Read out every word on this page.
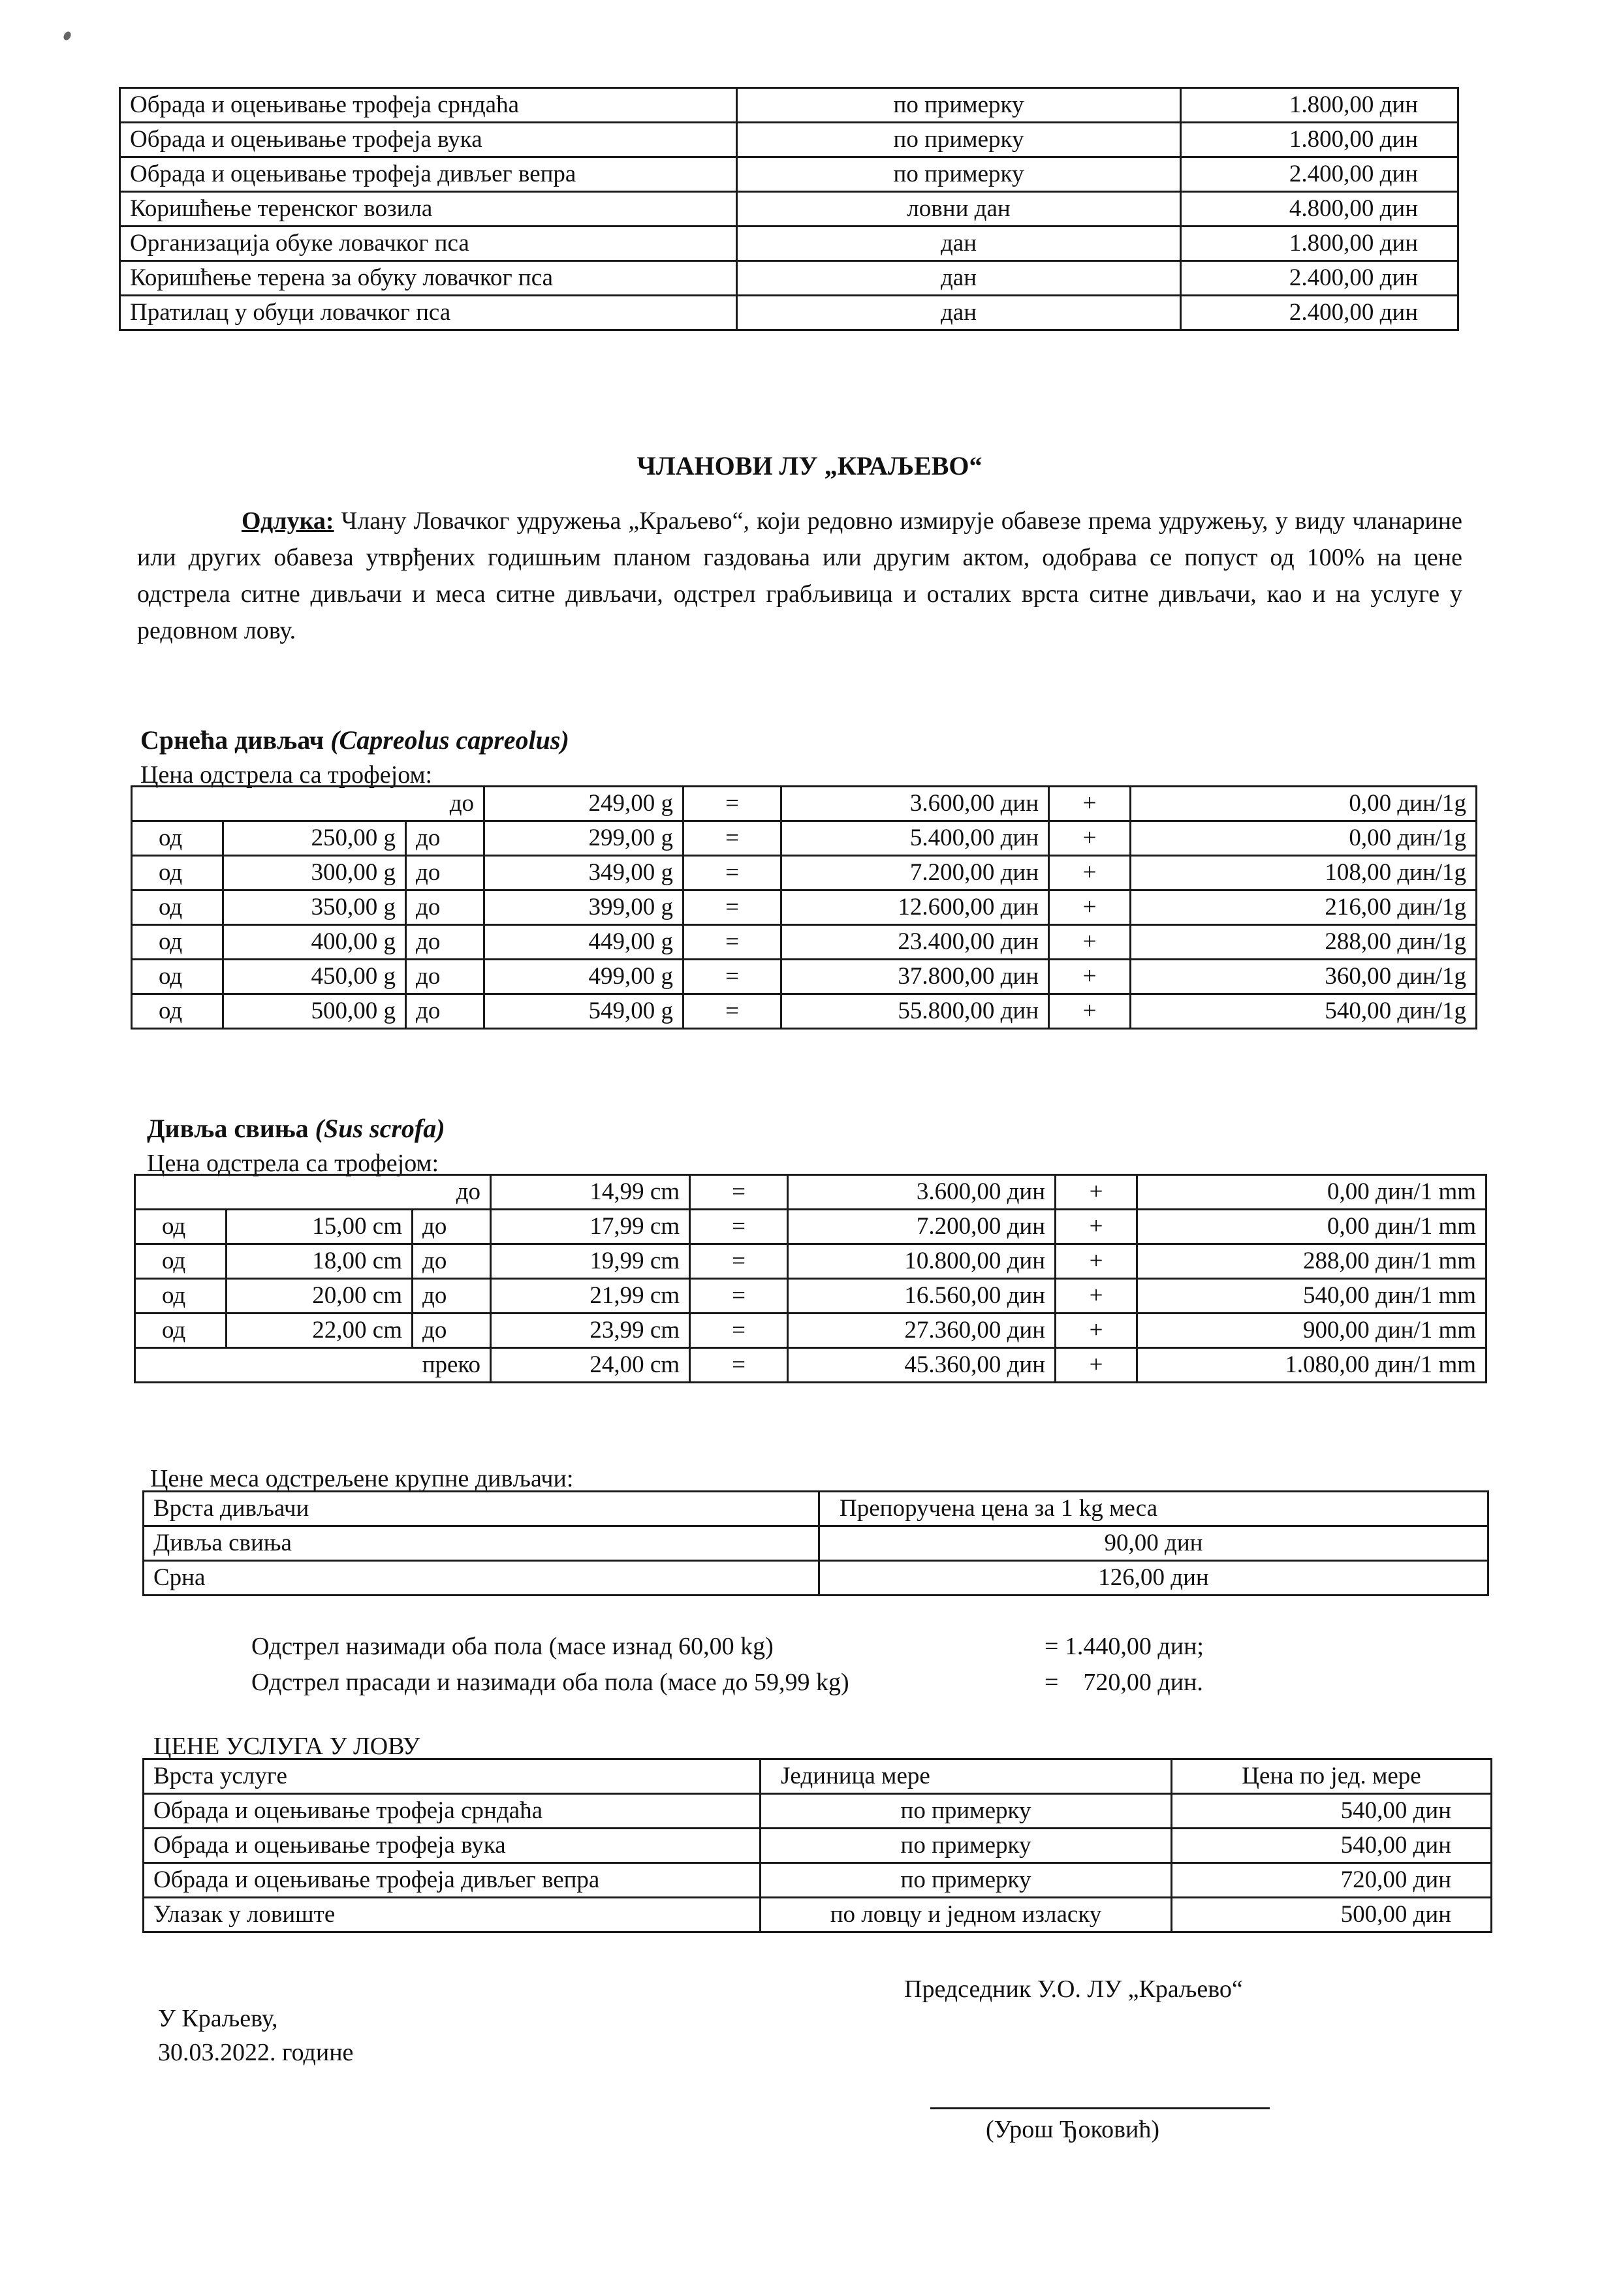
Обрада и оцењивање трофеја срндаћа	по примерку	1.800,00 дин
Обрада и оцењивање трофеја вука	по примерку	1.800,00 дин
Обрада и оцењивање трофеја дивљег вепра	по примерку	2.400,00 дин
Коришћење теренског возила	ловни дан	4.800,00 дин
Организација обуке ловачког пса	дан	1.800,00 дин
Коришћење терена за обуку ловачког пса	дан	2.400,00 дин
Пратилац у обуци ловачког пса	дан	2.400,00 дин
ЧЛАНОВИ ЛУ „КРАЉЕВО“
Одлука: Члану Ловачког удружења „Краљево“, који редовно измирује обавезе према удружењу, у виду чланарине или других обавеза утврђених годишњим планом газдовања или другим актом, одобрава се попуст од 100% на цене одстрела ситне дивљачи и меса ситне дивљачи, одстрел грабљивица и осталих врста ситне дивљачи, као и на услуге у редовном лову.
Срнећа дивљач (Capreolus capreolus)
Цена одстрела са трофејом:
до			249,00 g	=	3.600,00 дин	+	0,00 дин/1g
од	250,00 g	до	299,00 g	=	5.400,00 дин	+	0,00 дин/1g
од	300,00 g	до	349,00 g	=	7.200,00 дин	+	108,00 дин/1g
од	350,00 g	до	399,00 g	=	12.600,00 дин	+	216,00 дин/1g
од	400,00 g	до	449,00 g	=	23.400,00 дин	+	288,00 дин/1g
од	450,00 g	до	499,00 g	=	37.800,00 дин	+	360,00 дин/1g
од	500,00 g	до	549,00 g	=	55.800,00 дин	+	540,00 дин/1g
Дивља свиња (Sus scrofa)
Цена одстрела са трофејом:
до			14,99 cm	=	3.600,00 дин	+	0,00 дин/1 mm
од	15,00 cm	до	17,99 cm	=	7.200,00 дин	+	0,00 дин/1 mm
од	18,00 cm	до	19,99 cm	=	10.800,00 дин	+	288,00 дин/1 mm
од	20,00 cm	до	21,99 cm	=	16.560,00 дин	+	540,00 дин/1 mm
од	22,00 cm	до	23,99 cm	=	27.360,00 дин	+	900,00 дин/1 mm
преко			24,00 cm	=	45.360,00 дин	+	1.080,00 дин/1 mm
Цене меса одстрељене крупне дивљачи:
Врста дивљачи	Препоручена цена за 1 kg меса
Дивља свиња	90,00 дин
Срна	126,00 дин
Одстрел назимади оба пола (масе изнад 60,00 kg)	= 1.440,00 дин;
Одстрел прасади и назимади оба пола (масе до 59,99 kg)	=    720,00 дин.
ЦЕНЕ УСЛУГА У ЛОВУ
Врста услуге	Јединица мере	Цена по јед. мере
Обрада и оцењивање трофеја срндаћа	по примерку	540,00 дин
Обрада и оцењивање трофеја вука	по примерку	540,00 дин
Обрада и оцењивање трофеја дивљег вепра	по примерку	720,00 дин
Улазак у ловиште	по ловцу и једном изласку	500,00 дин
У Краљеву,
30.03.2022. године
Председник У.О. ЛУ „Краљево“
(Урош Ђоковић)
